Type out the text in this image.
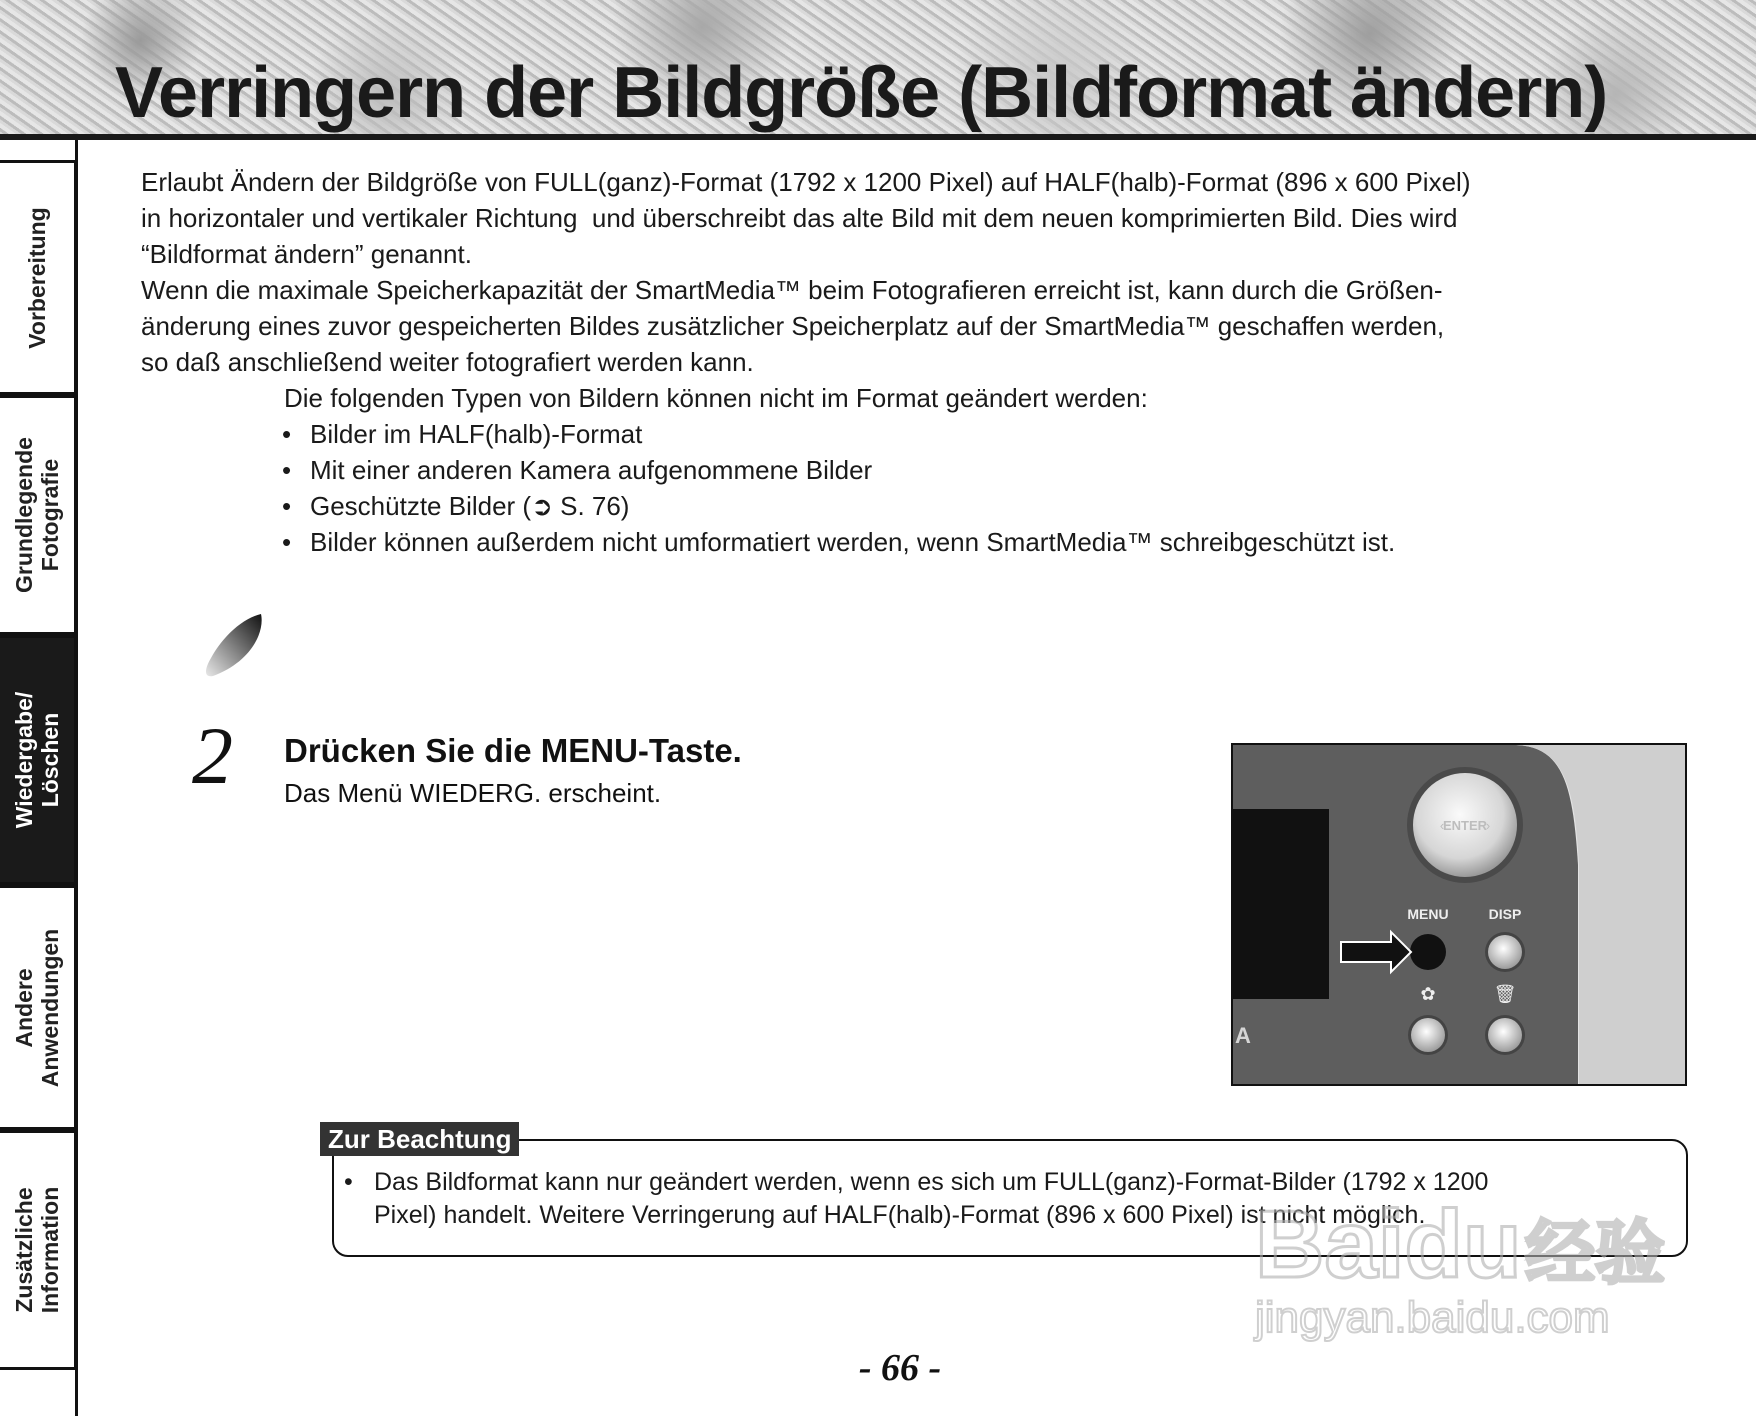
Verringern der Bildgröße (Bildformat ändern)
Vorbereitung
Grundlegende
Fotografie
Wiedergabe/
Löschen
Andere
Anwendungen
Zusätzliche
Information

Erlaubt Ändern der Bildgröße von FULL(ganz)-Format (1792 x 1200 Pixel) auf HALF(halb)-Format (896 x 600 Pixel)

in horizontaler und vertikaler Richtung  und überschreibt das alte Bild mit dem neuen komprimierten Bild. Dies wird

“Bildformat ändern” genannt.

Wenn die maximale Speicherkapazität der SmartMedia™ beim Fotografieren erreicht ist, kann durch die Größen-

änderung eines zuvor gespeicherten Bildes zusätzlicher Speicherplatz auf der SmartMedia™ geschaffen werden,

so daß anschließend weiter fotografiert werden kann.

Die folgenden Typen von Bildern können nicht im Format geändert werden:

• Bilder im HALF(halb)-Format
• Mit einer anderen Kamera aufgenommene Bilder
• Geschützte Bilder (➲ S. 76)
• Bilder können außerdem nicht umformatiert werden, wenn SmartMedia™ schreibgeschützt ist.
2 Drücken Sie die MENU-Taste.
Das Menü WIEDERG. erscheint.
ENTER
‹	›
MENU	DISP
✿	🗑
A
Zur Beachtung
• Das Bildformat kann nur geändert werden, wenn es sich um FULL(ganz)-Format-Bilder (1792 x 1200
Pixel) handelt. Weitere Verringerung auf HALF(halb)-Format (896 x 600 Pixel) ist nicht möglich.
- 66 -
Baidu 经验
jingyan.baidu.com
